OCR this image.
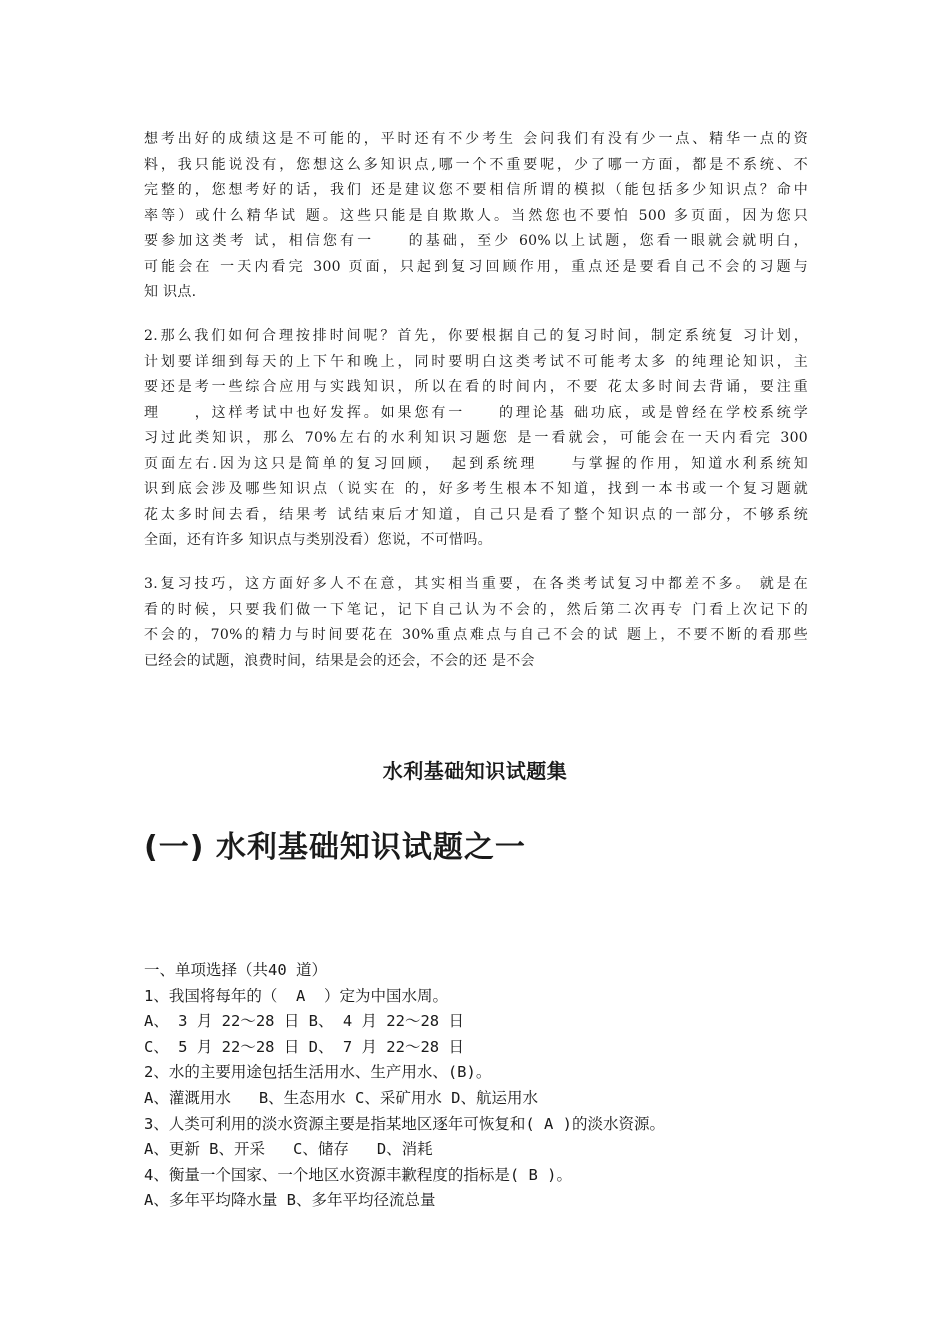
想考出好的成绩这是不可能的，平时还有不少考生 会问我们有没有少一点、精华一点的资
料，我只能说没有，您想这么多知识点,哪一个不重要呢，少了哪一方面，都是不系统、不
完整的，您想考好的话，我们 还是建议您不要相信所谓的模拟（能包括多少知识点？命中
率等）或什么精华试 题。这些只能是自欺欺人。当然您也不要怕 500 多页面，因为您只
要参加这类考 试，相信您有一　　的基础，至少 60%以上试题，您看一眼就会就明白，
可能会在 一天内看完 300 页面，只起到复习回顾作用，重点还是要看自己不会的习题与
知 识点.
2.那么我们如何合理按排时间呢？首先，你要根据自己的复习时间，制定系统复 习计划，
计划要详细到每天的上下午和晚上，同时要明白这类考试不可能考太多 的纯理论知识，主
要还是考一些综合应用与实践知识，所以在看的时间内，不要 花太多时间去背诵，要注重
理　　，这样考试中也好发挥。如果您有一　　的理论基 础功底，或是曾经在学校系统学
习过此类知识，那么 70%左右的水利知识习题您 是一看就会，可能会在一天内看完 300
页面左右.因为这只是简单的复习回顾，　起到系统理　　与掌握的作用，知道水利系统知
识到底会涉及哪些知识点（说实在 的，好多考生根本不知道，找到一本书或一个复习题就
花太多时间去看，结果考 试结束后才知道，自己只是看了整个知识点的一部分，不够系统
全面，还有许多 知识点与类别没看）您说，不可惜吗。
3.复习技巧，这方面好多人不在意，其实相当重要，在各类考试复习中都差不多。 就是在
看的时候，只要我们做一下笔记，记下自己认为不会的，然后第二次再专 门看上次记下的
不会的，70%的精力与时间要花在 30%重点难点与自己不会的试 题上，不要不断的看那些
已经会的试题，浪费时间，结果是会的还会，不会的还 是不会
水利基础知识试题集
(一) 水利基础知识试题之一
一、单项选择（共40 道）
1、我国将每年的（  A  ）定为中国水周。
A、 3 月 22～28 日 B、 4 月 22～28 日
C、 5 月 22～28 日 D、 7 月 22～28 日
2、水的主要用途包括生活用水、生产用水、(B)。
A、灌溉用水   B、生态用水 C、采矿用水 D、航运用水
3、人类可利用的淡水资源主要是指某地区逐年可恢复和( A )的淡水资源。
A、更新 B、开采   C、储存   D、消耗
4、衡量一个国家、一个地区水资源丰歉程度的指标是( B )。
A、多年平均降水量 B、多年平均径流总量
